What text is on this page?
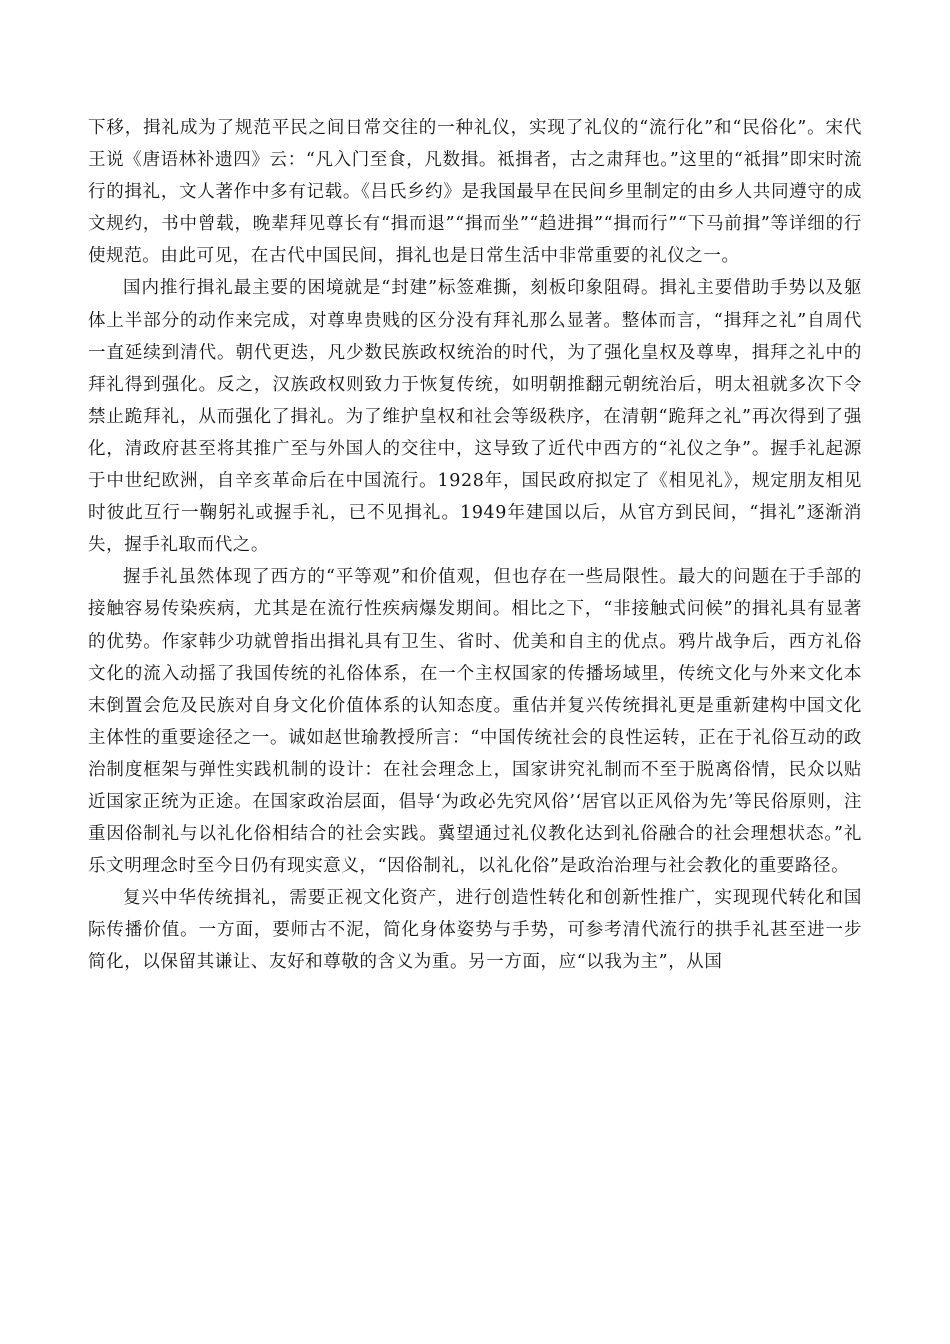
下移，揖礼成为了规范平民之间日常交往的一种礼仪，实现了礼仪的“流行化”和“民俗化”。宋代王说《唐语林补遗四》云：“凡入门至食，凡数揖。祗揖者，古之肃拜也。”这里的“祗揖”即宋时流行的揖礼，文人著作中多有记载。《吕氏乡约》是我国最早在民间乡里制定的由乡人共同遵守的成文规约，书中曾载，晚辈拜见尊长有“揖而退”“揖而坐”“趋进揖”“揖而行”“下马前揖”等详细的行使规范。由此可见，在古代中国民间，揖礼也是日常生活中非常重要的礼仪之一。

国内推行揖礼最主要的困境就是“封建”标签难撕，刻板印象阻碍。揖礼主要借助手势以及躯体上半部分的动作来完成，对尊卑贵贱的区分没有拜礼那么显著。整体而言，“揖拜之礼”自周代一直延续到清代。朝代更迭，凡少数民族政权统治的时代，为了强化皇权及尊卑，揖拜之礼中的拜礼得到强化。反之，汉族政权则致力于恢复传统，如明朝推翻元朝统治后，明太祖就多次下令禁止跪拜礼，从而强化了揖礼。为了维护皇权和社会等级秩序，在清朝“跪拜之礼”再次得到了强化，清政府甚至将其推广至与外国人的交往中，这导致了近代中西方的“礼仪之争”。握手礼起源于中世纪欧洲，自辛亥革命后在中国流行。1928年，国民政府拟定了《相见礼》，规定朋友相见时彼此互行一鞠躬礼或握手礼，已不见揖礼。1949年建国以后，从官方到民间，“揖礼”逐渐消失，握手礼取而代之。

握手礼虽然体现了西方的“平等观”和价值观，但也存在一些局限性。最大的问题在于手部的接触容易传染疾病，尤其是在流行性疾病爆发期间。相比之下，“非接触式问候”的揖礼具有显著的优势。作家韩少功就曾指出揖礼具有卫生、省时、优美和自主的优点。鸦片战争后，西方礼俗文化的流入动摇了我国传统的礼俗体系，在一个主权国家的传播场域里，传统文化与外来文化本末倒置会危及民族对自身文化价值体系的认知态度。重估并复兴传统揖礼更是重新建构中国文化主体性的重要途径之一。诚如赵世瑜教授所言：“中国传统社会的良性运转，正在于礼俗互动的政治制度框架与弹性实践机制的设计：在社会理念上，国家讲究礼制而不至于脱离俗情，民众以贴近国家正统为正途。在国家政治层面，倡导‘为政必先究风俗’‘居官以正风俗为先’等民俗原则，注重因俗制礼与以礼化俗相结合的社会实践。冀望通过礼仪教化达到礼俗融合的社会理想状态。”礼乐文明理念时至今日仍有现实意义，“因俗制礼，以礼化俗”是政治治理与社会教化的重要路径。

复兴中华传统揖礼，需要正视文化资产，进行创造性转化和创新性推广，实现现代转化和国际传播价值。一方面，要师古不泥，简化身体姿势与手势，可参考清代流行的拱手礼甚至进一步简化，以保留其谦让、友好和尊敬的含义为重。另一方面，应“以我为主”，从国
